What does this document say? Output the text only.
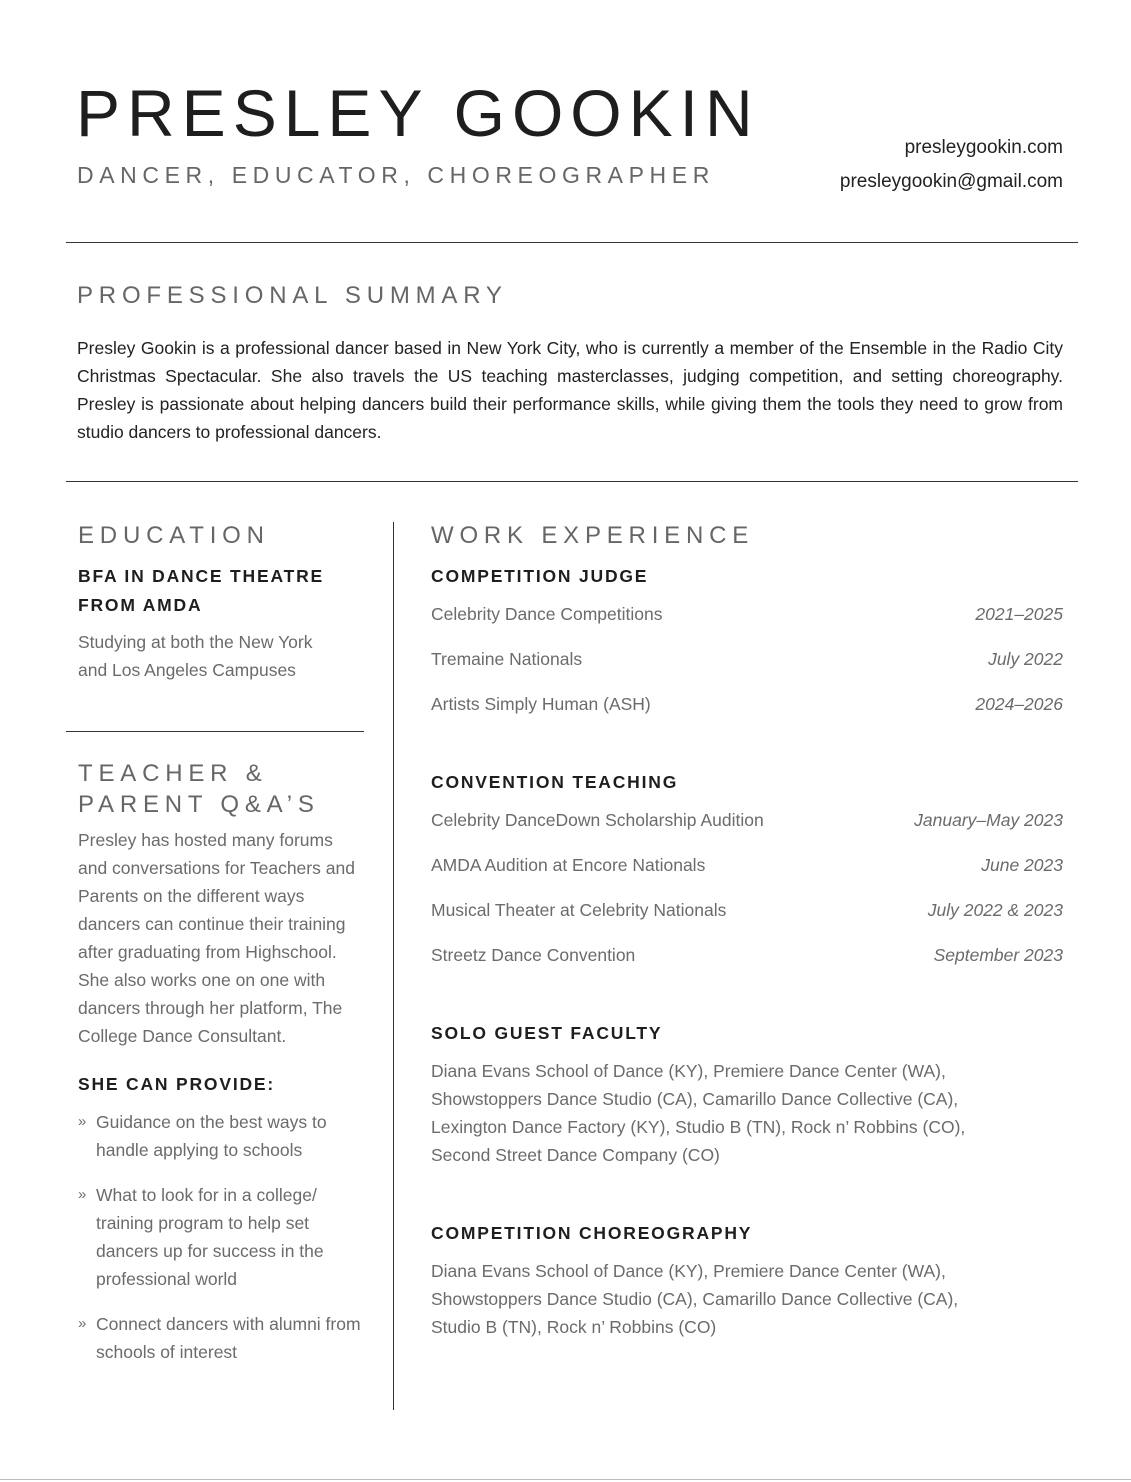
PRESLEY GOOKIN
DANCER, EDUCATOR, CHOREOGRAPHER
presleygookin.com
presleygookin@gmail.com
PROFESSIONAL SUMMARY
Presley Gookin is a professional dancer based in New York City, who is currently a member of the Ensemble in the Radio City Christmas Spectacular. She also travels the US teaching masterclasses, judging competition, and setting choreography. Presley is passionate about helping dancers build their performance skills, while giving them the tools they need to grow from studio dancers to professional dancers.
EDUCATION
BFA IN DANCE THEATRE
FROM AMDA
Studying at both the New York and Los Angeles Campuses
TEACHER &
PARENT Q&A’S
Presley has hosted many forums and conversations for Teachers and Parents on the different ways dancers can continue their training after graduating from Highschool. She also works one on one with dancers through her platform, The College Dance Consultant.
SHE CAN PROVIDE:
» Guidance on the best ways to handle applying to schools
» What to look for in a college/ training program to help set dancers up for success in the professional world
» Connect dancers with alumni from schools of interest
WORK EXPERIENCE
COMPETITION JUDGE
Celebrity Dance Competitions	2021–2025
Tremaine Nationals	July 2022
Artists Simply Human (ASH)	2024–2026
CONVENTION TEACHING
Celebrity DanceDown Scholarship Audition	January–May 2023
AMDA Audition at Encore Nationals	June 2023
Musical Theater at Celebrity Nationals	July 2022 & 2023
Streetz Dance Convention	September 2023
SOLO GUEST FACULTY
Diana Evans School of Dance (KY), Premiere Dance Center (WA),
Showstoppers Dance Studio (CA), Camarillo Dance Collective (CA),
Lexington Dance Factory (KY), Studio B (TN), Rock n’ Robbins (CO),
Second Street Dance Company (CO)
COMPETITION CHOREOGRAPHY
Diana Evans School of Dance (KY), Premiere Dance Center (WA),
Showstoppers Dance Studio (CA), Camarillo Dance Collective (CA),
Studio B (TN), Rock n’ Robbins (CO)
